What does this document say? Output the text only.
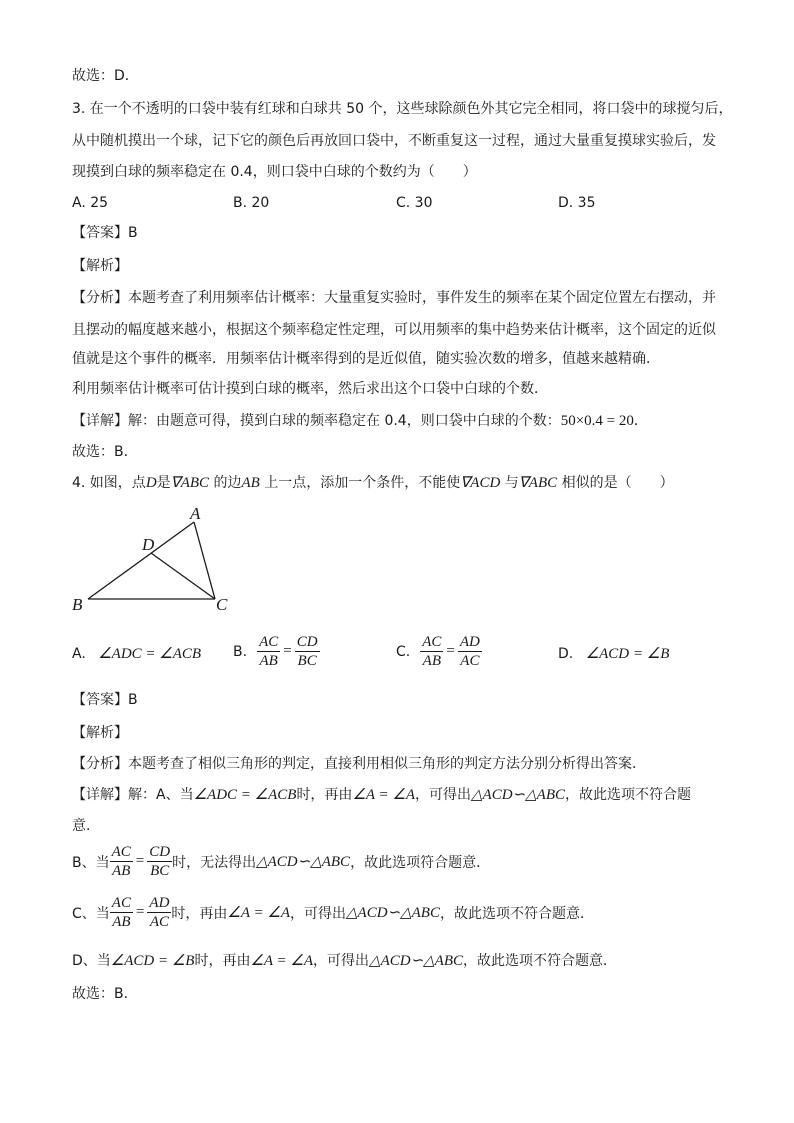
故选：D．
3. 在一个不透明的口袋中装有红球和白球共 50 个，这些球除颜色外其它完全相同，将口袋中的球搅匀后，
从中随机摸出一个球，记下它的颜色后再放回口袋中，不断重复这一过程，通过大量重复摸球实验后，发
现摸到白球的频率稳定在 0.4，则口袋中白球的个数约为（　　）
A. 25	B. 20	C. 30	D. 35
【答案】B
【解析】
【分析】本题考查了利用频率估计概率：大量重复实验时，事件发生的频率在某个固定位置左右摆动，并
且摆动的幅度越来越小，根据这个频率稳定性定理，可以用频率的集中趋势来估计概率，这个固定的近似
值就是这个事件的概率．用频率估计概率得到的是近似值，随实验次数的增多，值越来越精确．
利用频率估计概率可估计摸到白球的概率，然后求出这个口袋中白球的个数．
【详解】解：由题意可得，摸到白球的频率稳定在 0.4，则口袋中白球的个数：50×0.4 = 20．
故选：B．
4. 如图，点D是∇ABC 的边AB 上一点，添加一个条件，不能使∇ACD 与∇ABC 相似的是（　　）
A
D
B	C
A. ∠ADC = ∠ACB B. $\frac{AC}{AB} = \frac{CD}{BC}$	C. $\frac{AC}{AB} = \frac{AD}{AC}$	D. ∠ACD = ∠B
【答案】B
【解析】
【分析】本题考查了相似三角形的判定，直接利用相似三角形的判定方法分别分析得出答案．
【详解】解：A、当∠ADC = ∠ACB时，再由∠A = ∠A，可得出△ACD∽△ABC，故此选项不符合题
意．
B、当 $\frac{AC}{AB} = \frac{CD}{BC}$ 时，无法得出△ACD∽△ABC，故此选项符合题意．
C、当 $\frac{AC}{AB} = \frac{AD}{AC}$ 时，再由∠A = ∠A，可得出△ACD∽△ABC，故此选项不符合题意．
D、当∠ACD = ∠B时，再由∠A = ∠A，可得出△ACD∽△ABC，故此选项不符合题意．
故选：B．
